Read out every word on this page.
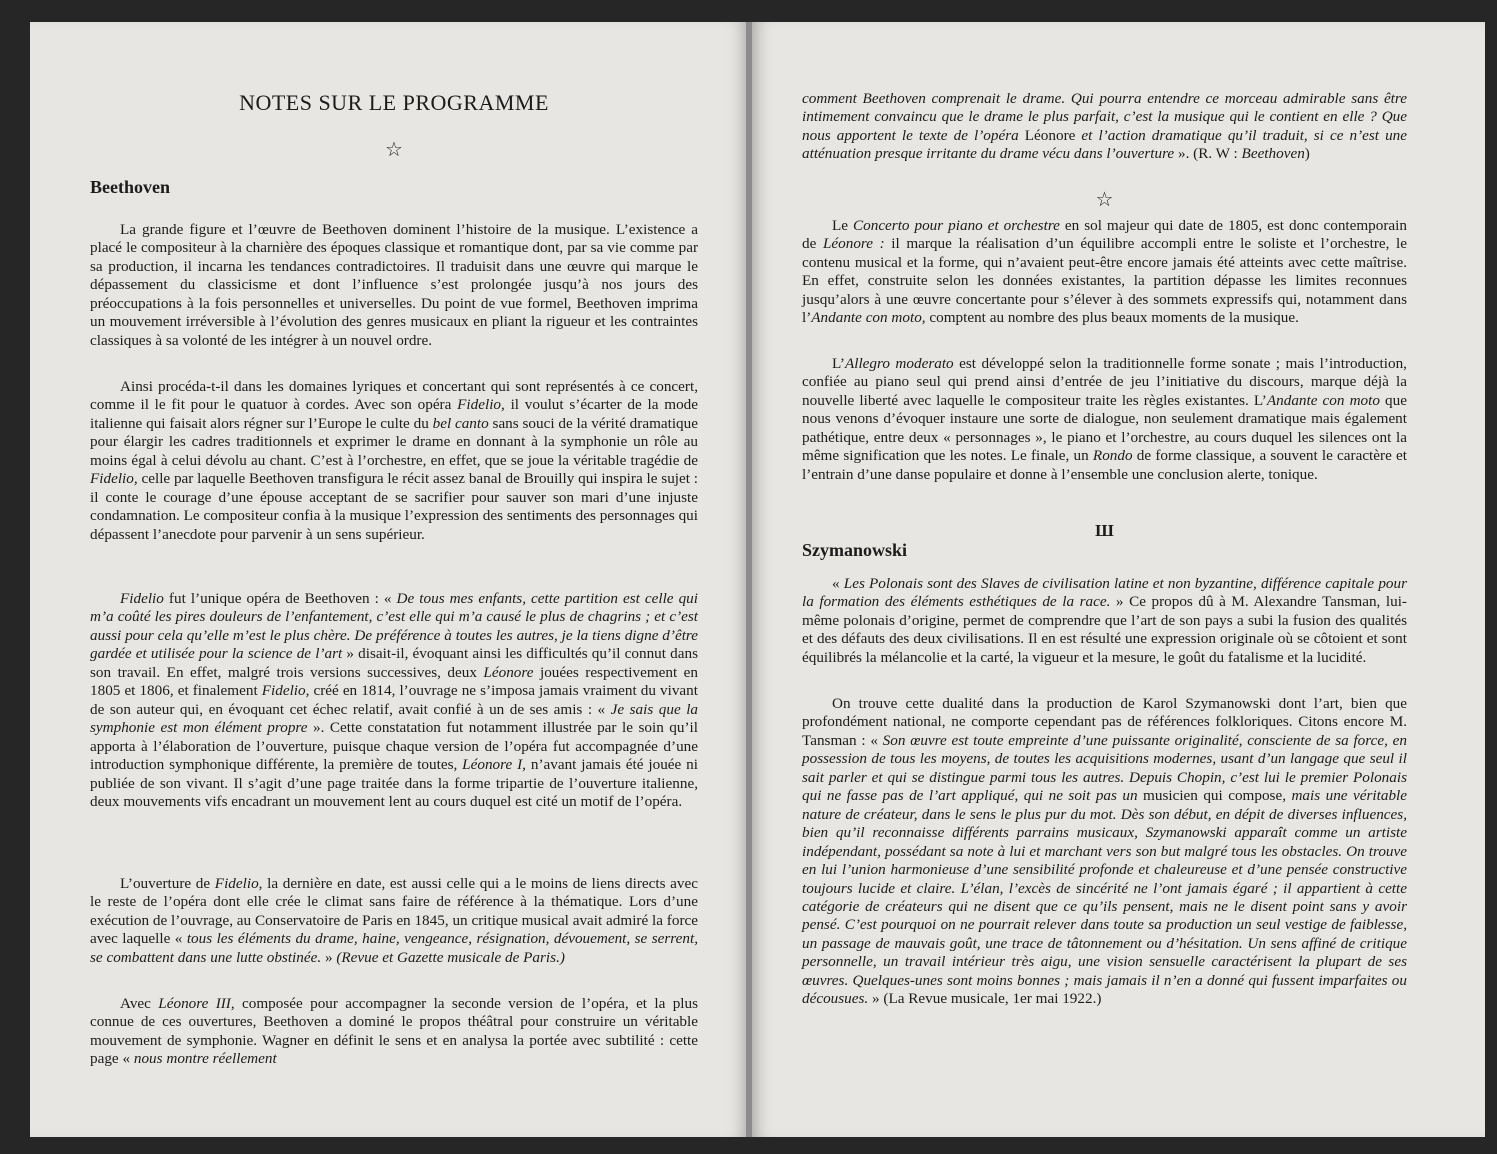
NOTES SUR LE PROGRAMME
☆
Beethoven

La grande figure et l’œuvre de Beethoven dominent l’histoire de la musique. L’existence a placé le compositeur à la charnière des époques classique et romantique dont, par sa vie comme par sa production, il incarna les tendances contradictoires. Il traduisit dans une œuvre qui marque le dépassement du classicisme et dont l’influence s’est prolongée jusqu’à nos jours des préoccupations à la fois personnelles et universelles. Du point de vue formel, Beethoven imprima un mouvement irréversible à l’évolution des genres musicaux en pliant la rigueur et les contraintes classiques à sa volonté de les intégrer à un nouvel ordre.

Ainsi procéda-t-il dans les domaines lyriques et concertant qui sont représentés à ce concert, comme il le fit pour le quatuor à cordes. Avec son opéra Fidelio, il voulut s’écarter de la mode italienne qui faisait alors régner sur l’Europe le culte du bel canto sans souci de la vérité dramatique pour élargir les cadres traditionnels et exprimer le drame en donnant à la symphonie un rôle au moins égal à celui dévolu au chant. C’est à l’orchestre, en effet, que se joue la véritable tragédie de Fidelio, celle par laquelle Beethoven transfigura le récit assez banal de Brouilly qui inspira le sujet : il conte le courage d’une épouse acceptant de se sacrifier pour sauver son mari d’une injuste condamnation. Le compositeur confia à la musique l’expression des sentiments des personnages qui dépassent l’anecdote pour parvenir à un sens supérieur.

Fidelio fut l’unique opéra de Beethoven : « De tous mes enfants, cette partition est celle qui m’a coûté les pires douleurs de l’enfantement, c’est elle qui m’a causé le plus de chagrins ; et c’est aussi pour cela qu’elle m’est le plus chère. De préférence à toutes les autres, je la tiens digne d’être gardée et utilisée pour la science de l’art » disait-il, évoquant ainsi les difficultés qu’il connut dans son travail. En effet, malgré trois versions successives, deux Léonore jouées respectivement en 1805 et 1806, et finalement Fidelio, créé en 1814, l’ouvrage ne s’imposa jamais vraiment du vivant de son auteur qui, en évoquant cet échec relatif, avait confié à un de ses amis : « Je sais que la symphonie est mon élément propre ». Cette constatation fut notamment illustrée par le soin qu’il apporta à l’élaboration de l’ouverture, puisque chaque version de l’opéra fut accompagnée d’une introduction symphonique différente, la première de toutes, Léonore I, n’avant jamais été jouée ni publiée de son vivant. Il s’agit d’une page traitée dans la forme tripartie de l’ouverture italienne, deux mouvements vifs encadrant un mouvement lent au cours duquel est cité un motif de l’opéra.

L’ouverture de Fidelio, la dernière en date, est aussi celle qui a le moins de liens directs avec le reste de l’opéra dont elle crée le climat sans faire de référence à la thématique. Lors d’une exécution de l’ouvrage, au Conservatoire de Paris en 1845, un critique musical avait admiré la force avec laquelle « tous les éléments du drame, haine, vengeance, résignation, dévouement, se serrent, se combattent dans une lutte obstinée. » (Revue et Gazette musicale de Paris.)

Avec Léonore III, composée pour accompagner la seconde version de l’opéra, et la plus connue de ces ouvertures, Beethoven a dominé le propos théâtral pour construire un véritable mouvement de symphonie. Wagner en définit le sens et en analysa la portée avec subtilité : cette page « nous montre réellement

comment Beethoven comprenait le drame. Qui pourra entendre ce morceau admirable sans être intimement convaincu que le drame le plus parfait, c’est la musique qui le contient en elle ? Que nous apportent le texte de l’opéra Léonore et l’action dramatique qu’il traduit, si ce n’est une atténuation presque irritante du drame vécu dans l’ouverture ». (R. W : Beethoven)

☆

Le Concerto pour piano et orchestre en sol majeur qui date de 1805, est donc contemporain de Léonore : il marque la réalisation d’un équilibre accompli entre le soliste et l’orchestre, le contenu musical et la forme, qui n’avaient peut-être encore jamais été atteints avec cette maîtrise. En effet, construite selon les données existantes, la partition dépasse les limites reconnues jusqu’alors à une œuvre concertante pour s’élever à des sommets expressifs qui, notamment dans l’Andante con moto, comptent au nombre des plus beaux moments de la musique.

L’Allegro moderato est développé selon la traditionnelle forme sonate ; mais l’introduction, confiée au piano seul qui prend ainsi d’entrée de jeu l’initiative du discours, marque déjà la nouvelle liberté avec laquelle le compositeur traite les règles existantes. L’Andante con moto que nous venons d’évoquer instaure une sorte de dialogue, non seulement dramatique mais également pathétique, entre deux « personnages », le piano et l’orchestre, au cours duquel les silences ont la même signification que les notes. Le finale, un Rondo de forme classique, a souvent le caractère et l’entrain d’une danse populaire et donne à l’ensemble une conclusion alerte, tonique.

Ш
Szymanowski

« Les Polonais sont des Slaves de civilisation latine et non byzantine, différence capitale pour la formation des éléments esthétiques de la race. » Ce propos dû à M. Alexandre Tansman, lui-même polonais d’origine, permet de comprendre que l’art de son pays a subi la fusion des qualités et des défauts des deux civilisations. Il en est résulté une expression originale où se côtoient et sont équilibrés la mélancolie et la carté, la vigueur et la mesure, le goût du fatalisme et la lucidité.

On trouve cette dualité dans la production de Karol Szymanowski dont l’art, bien que profondément national, ne comporte cependant pas de références folkloriques. Citons encore M. Tansman : « Son œuvre est toute empreinte d’une puissante originalité, consciente de sa force, en possession de tous les moyens, de toutes les acquisitions modernes, usant d’un langage que seul il sait parler et qui se distingue parmi tous les autres. Depuis Chopin, c’est lui le premier Polonais qui ne fasse pas de l’art appliqué, qui ne soit pas un musicien qui compose, mais une véritable nature de créateur, dans le sens le plus pur du mot. Dès son début, en dépit de diverses influences, bien qu’il reconnaisse différents parrains musicaux, Szymanowski apparaît comme un artiste indépendant, possédant sa note à lui et marchant vers son but malgré tous les obstacles. On trouve en lui l’union harmonieuse d’une sensibilité profonde et chaleureuse et d’une pensée constructive toujours lucide et claire. L’élan, l’excès de sincérité ne l’ont jamais égaré ; il appartient à cette catégorie de créateurs qui ne disent que ce qu’ils pensent, mais ne le disent point sans y avoir pensé. C’est pourquoi on ne pourrait relever dans toute sa production un seul vestige de faiblesse, un passage de mauvais goût, une trace de tâtonnement ou d’hésitation. Un sens affiné de critique personnelle, un travail intérieur très aigu, une vision sensuelle caractérisent la plupart de ses œuvres. Quelques-unes sont moins bonnes ; mais jamais il n’en a donné qui fussent imparfaites ou décousues. » (La Revue musicale, 1er mai 1922.)
